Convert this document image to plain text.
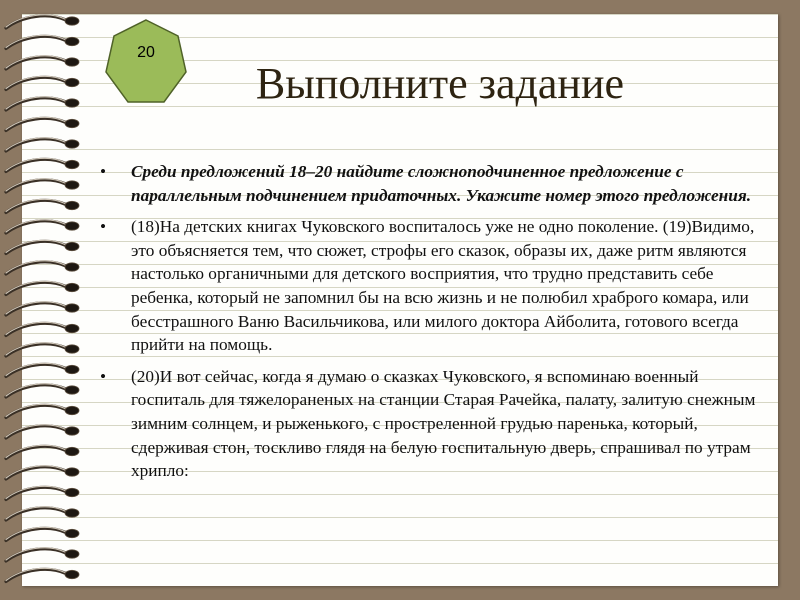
20
Выполните задание
• Среди предложений 18–20 найдите сложноподчиненное предложение с параллельным подчинением придаточных. Укажите номер этого предложения.
• (18)На детских книгах Чуковского воспиталось уже не одно поколение. (19)Видимо, это объясняется тем, что сюжет, строфы его сказок, образы их, даже ритм являются настолько органичными для детского восприятия, что трудно представить себе ребенка, который не запомнил бы на всю жизнь и не полюбил храброго комара, или бесстрашного Ваню Васильчикова, или милого доктора Айболита, готового всегда прийти на помощь.
• (20)И вот сейчас, когда я думаю о сказках Чуковского, я вспоминаю военный госпиталь для тяжелораненых на станции Старая Рачейка, палату, залитую снежным зимним солнцем, и рыженького, с простреленной грудью паренька, который, сдерживая стон, тоскливо глядя на белую госпитальную дверь, спрашивал по утрам хрипло:
